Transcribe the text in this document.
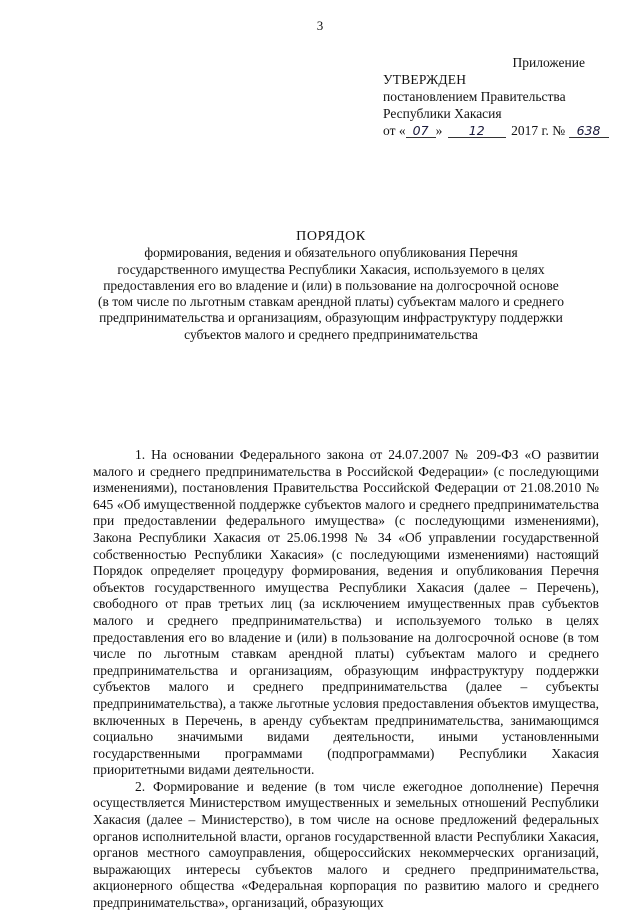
3
Приложение
УТВЕРЖДЕН
постановлением Правительства
Республики Хакасия
от « 07 » 12 2017 г. № 638
ПОРЯДОК
формирования, ведения и обязательного опубликования Перечня
государственного имущества Республики Хакасия, используемого в целях
предоставления его во владение и (или) в пользование на долгосрочной основе
(в том числе по льготным ставкам арендной платы) субъектам малого и среднего
предпринимательства и организациям, образующим инфраструктуру поддержки
субъектов малого и среднего предпринимательства

1. На основании Федерального закона от 24.07.2007 № 209-ФЗ «О развитии малого и среднего предпринимательства в Российской Федерации» (с последующими изменениями), постановления Правительства Российской Федерации от 21.08.2010 № 645 «Об имущественной поддержке субъектов малого и среднего предпринимательства при предоставлении федерального имущества» (с последующими изменениями), Закона Республики Хакасия от 25.06.1998 № 34 «Об управлении государственной собственностью Республики Хакасия» (с последующими изменениями) настоящий Порядок определяет процедуру формирования, ведения и опубликования Перечня объектов государственного имущества Республики Хакасия (далее – Перечень), свободного от прав третьих лиц (за исключением имущественных прав субъектов малого и среднего предпринимательства) и используемого только в целях предоставления его во владение и (или) в пользование на долгосрочной основе (в том числе по льготным ставкам арендной платы) субъектам малого и среднего предпринимательства и организациям, образующим инфраструктуру поддержки субъектов малого и среднего предпринимательства (далее – субъекты предпринимательства), а также льготные условия предоставления объектов имущества, включенных в Перечень, в аренду субъектам предпринимательства, занимающимся социально значимыми видами деятельности, иными установленными государственными программами (подпрограммами) Республики Хакасия приоритетными видами деятельности.

2. Формирование и ведение (в том числе ежегодное дополнение) Перечня осуществляется Министерством имущественных и земельных отношений Республики Хакасия (далее – Министерство), в том числе на основе предложений федеральных органов исполнительной власти, органов государственной власти Республики Хакасия, органов местного самоуправления, общероссийских некоммерческих организаций, выражающих интересы субъектов малого и среднего предпринимательства, акционерного общества «Федеральная корпорация по развитию малого и среднего предпринимательства», организаций, образующих
